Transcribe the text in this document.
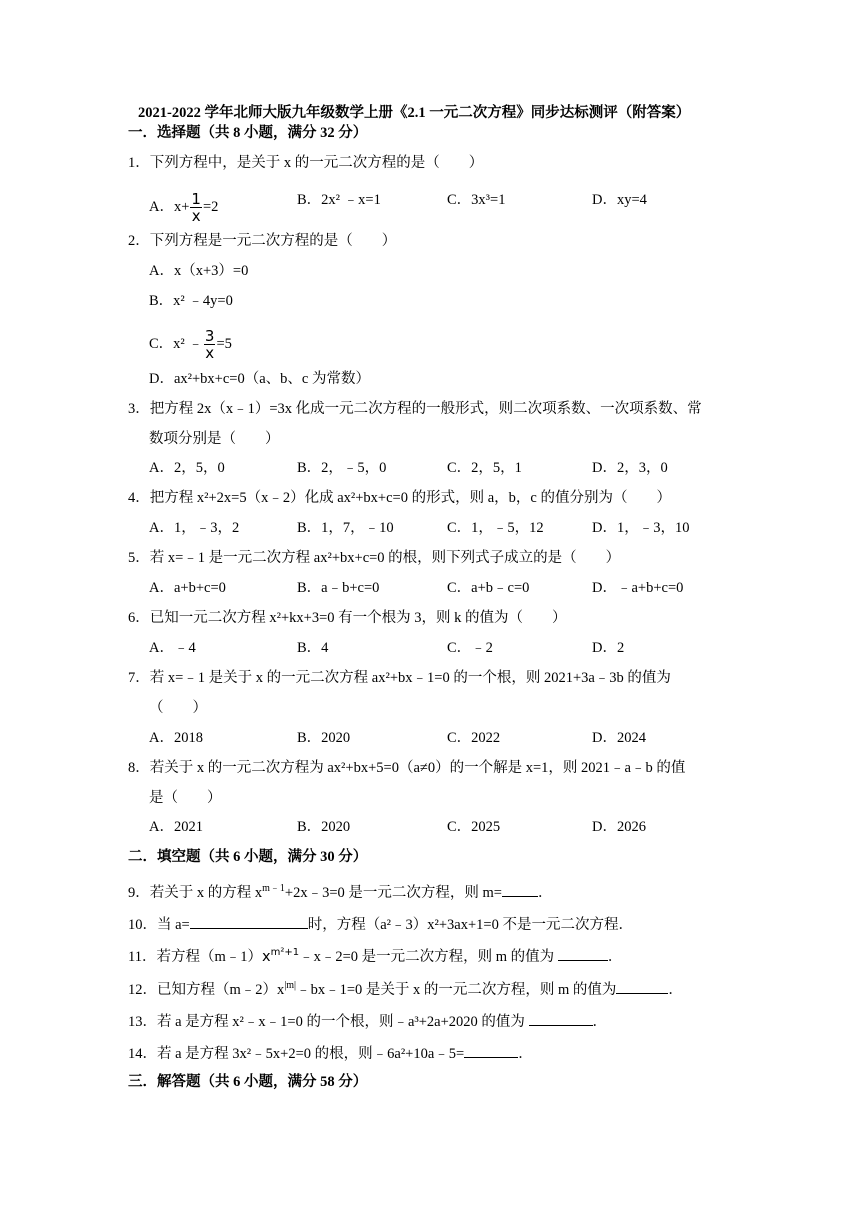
2021-2022 学年北师大版九年级数学上册《2.1 一元二次方程》同步达标测评（附答案）
一．选择题（共 8 小题，满分 32 分）
1．下列方程中，是关于 x 的一元二次方程的是（　　）
A．$x+ \frac{1}{x} =2$	B．2x² ﹣x=1	C．3x³=1	D．xy=4
2．下列方程是一元二次方程的是（　　）
A．x（x+3）=0
B．x² ﹣4y=0
C．x² ﹣ $\frac{3}{x} =5$
D．ax²+bx+c=0（a、b、c 为常数）
3．把方程 2x（x﹣1）=3x 化成一元二次方程的一般形式，则二次项系数、一次项系数、常
数项分别是（　　）
A．2，5，0	B．2，﹣5，0	C．2，5，1	D．2，3，0
4．把方程 x²+2x=5（x﹣2）化成 ax²+bx+c=0 的形式，则 a，b，c 的值分别为（　　）
A．1，﹣3，2	B．1，7，﹣10	C．1，﹣5，12	D．1，﹣3，10
5．若 x=﹣1 是一元二次方程 ax²+bx+c=0 的根，则下列式子成立的是（　　）
A．a+b+c=0	B．a﹣b+c=0	C．a+b﹣c=0	D．﹣a+b+c=0
6．已知一元二次方程 x²+kx+3=0 有一个根为 3，则 k 的值为（　　）
A．﹣4	B．4	C．﹣2	D．2
7．若 x=﹣1 是关于 x 的一元二次方程 ax²+bx﹣1=0 的一个根，则 2021+3a﹣3b 的值为
（　　）
A．2018	B．2020	C．2022	D．2024
8．若关于 x 的一元二次方程为 ax²+bx+5=0（a≠0）的一个解是 x=1，则 2021﹣a﹣b 的值
是（　　）
A．2021	B．2020	C．2025	D．2026
二．填空题（共 6 小题，满分 30 分）
9．若关于 x 的方程 $x^{m﹣1}+2x﹣3=0$ 是一元二次方程，则 m= ．
10．当 a=	时，方程（a²﹣3）x²+3ax+1=0 不是一元二次方程．
11．若方程$(m﹣1)x^{m^2+1}﹣x﹣2=0$ 是一元二次方程，则 m 的值为	．
12．已知方程$(m﹣2)x^{|m|}﹣bx﹣1=0$ 是关于 x 的一元二次方程，则 m 的值为	．
13．若 a 是方程 x²﹣x﹣1=0 的一个根，则﹣a³+2a+2020 的值为	．
14．若 a 是方程 3x²﹣5x+2=0 的根，则﹣6a²+10a﹣5=	．
三．解答题（共 6 小题，满分 58 分）
